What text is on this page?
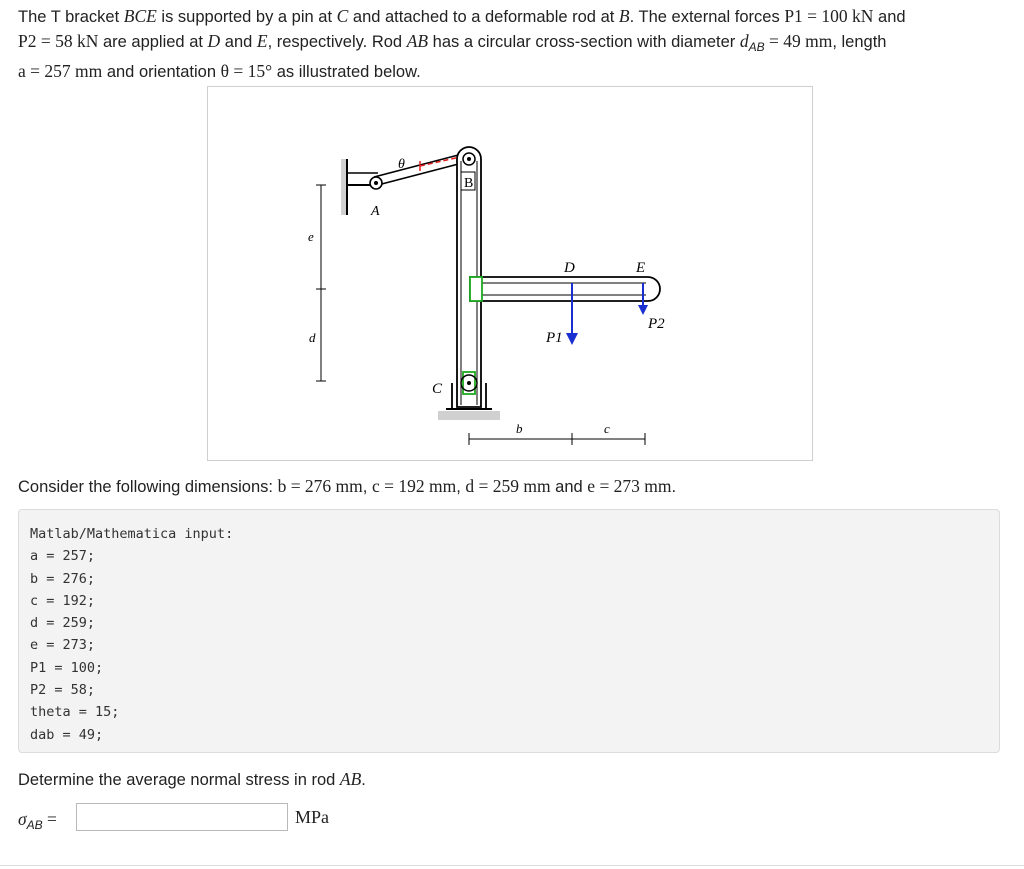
The T bracket BCE is supported by a pin at C and attached to a deformable rod at B. The external forces P1 = 100 kN and
P2 = 58 kN are applied at D and E, respectively. Rod AB has a circular cross-section with diameter $d_{AB} = 49$ mm, length
a = 257 mm and orientation θ = 15° as illustrated below.
θ
B
A
D	E
P1
P2
C
e
d
b	c
Consider the following dimensions: b = 276 mm, c = 192 mm, d = 259 mm and e = 273 mm.
Matlab/Mathematica input:
a = 257;
b = 276;
c = 192;
d = 259;
e = 273;
P1 = 100;
P2 = 58;
theta = 15;
dab = 49;
Determine the average normal stress in rod AB.
$\sigma_{AB}$ =	MPa
